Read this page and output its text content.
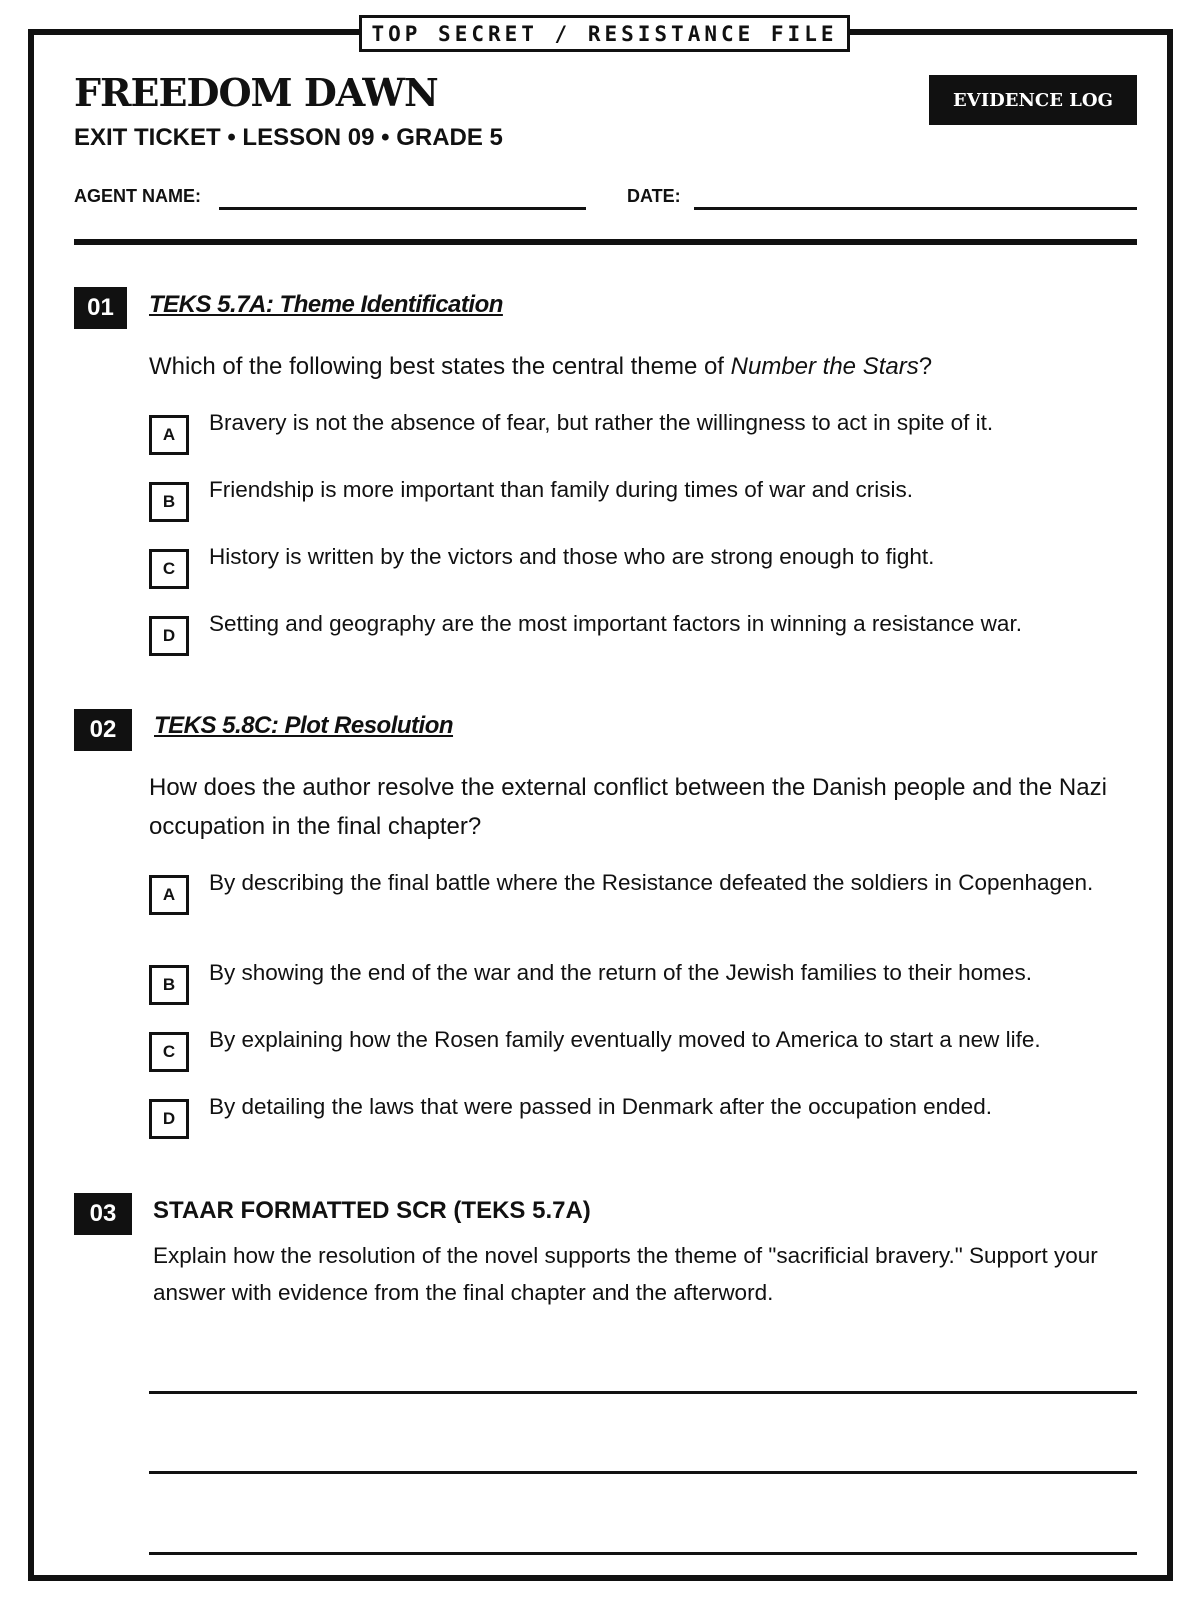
TOP SECRET / RESISTANCE FILE
FREEDOM DAWN
EXIT TICKET • LESSON 09 • GRADE 5
EVIDENCE LOG
AGENT NAME:	DATE:
01	TEKS 5.7A: Theme Identification
Which of the following best states the central theme of Number the Stars?
A	Bravery is not the absence of fear, but rather the willingness to act in spite of it.
B	Friendship is more important than family during times of war and crisis.
C	History is written by the victors and those who are strong enough to fight.
D	Setting and geography are the most important factors in winning a resistance war.
02	TEKS 5.8C: Plot Resolution
How does the author resolve the external conflict between the Danish people and the Nazi occupation in the final chapter?
A	By describing the final battle where the Resistance defeated the soldiers in Copenhagen.
B	By showing the end of the war and the return of the Jewish families to their homes.
C	By explaining how the Rosen family eventually moved to America to start a new life.
D	By detailing the laws that were passed in Denmark after the occupation ended.
03	STAAR FORMATTED SCR (TEKS 5.7A)
Explain how the resolution of the novel supports the theme of "sacrificial bravery." Support your answer with evidence from the final chapter and the afterword.
